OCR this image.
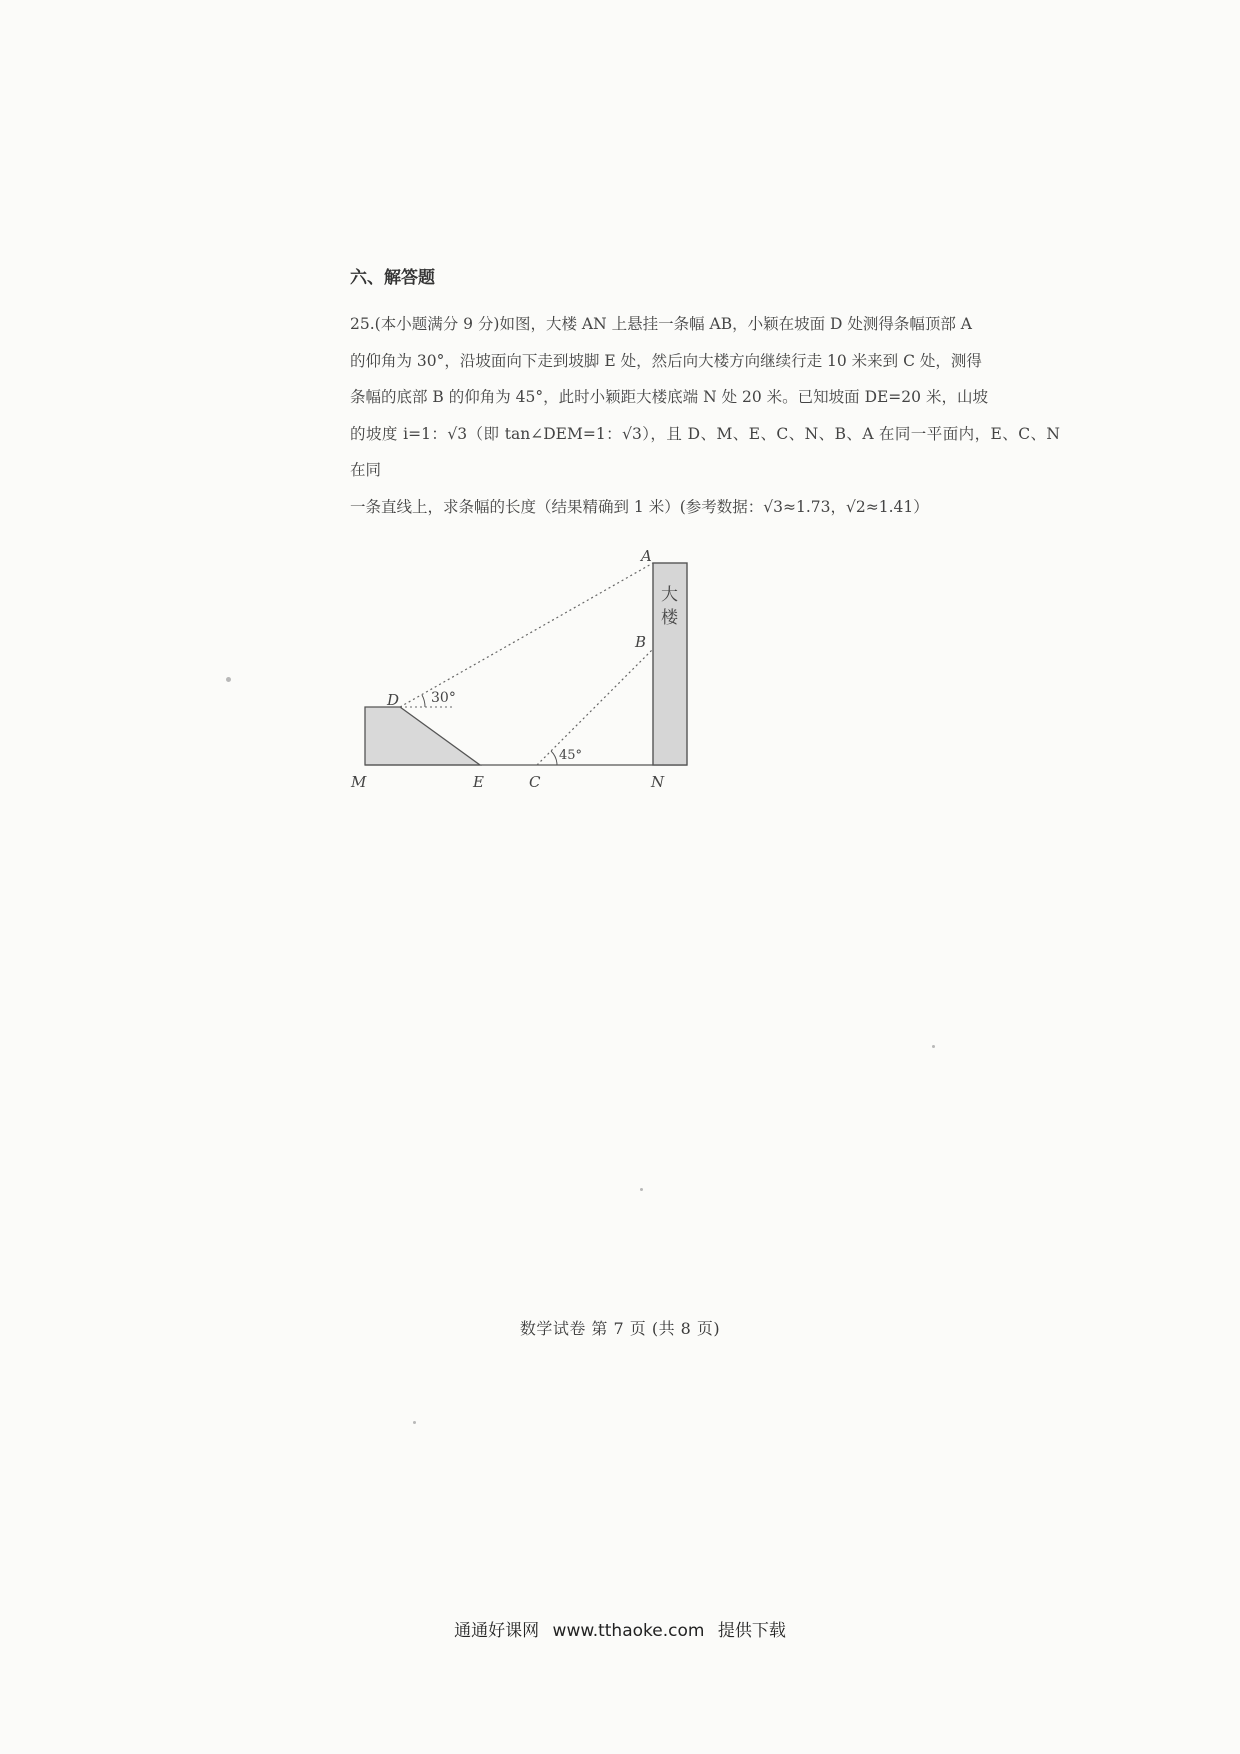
六、解答题
25.(本小题满分 9 分)如图，大楼 AN 上悬挂一条幅 AB，小颖在坡面 D 处测得条幅顶部 A
的仰角为 30°，沿坡面向下走到坡脚 E 处，然后向大楼方向继续行走 10 米来到 C 处，测得
条幅的底部 B 的仰角为 45°，此时小颖距大楼底端 N 处 20 米。已知坡面 DE=20 米，山坡
的坡度 i=1：√3（即 tan∠DEM=1：√3），且 D、M、E、C、N、B、A 在同一平面内，E、C、N 在同
一条直线上，求条幅的长度（结果精确到 1 米）(参考数据：√3≈1.73，√2≈1.41）
A
B
D
M	E	C	N
30°
45°
大
楼
数学试卷 第 7 页 (共 8 页)
通通好课网 www.tthaoke.com 提供下载
